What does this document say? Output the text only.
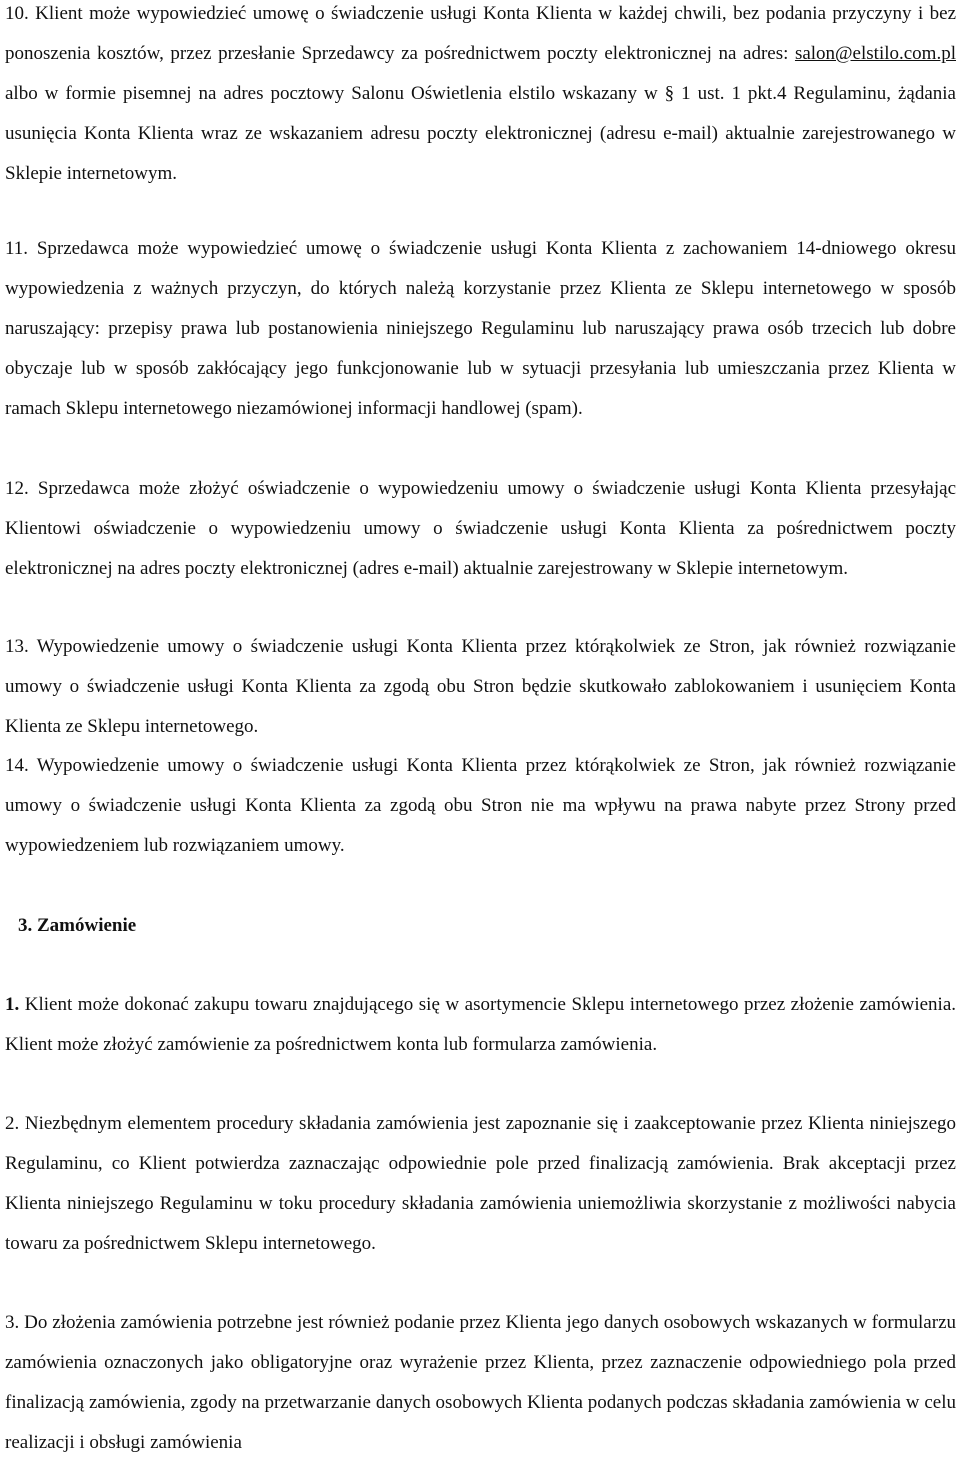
10. Klient może wypowiedzieć umowę o świadczenie usługi Konta Klienta w każdej chwili, bez podania przyczyny i bez ponoszenia kosztów, przez przesłanie Sprzedawcy za pośrednictwem poczty elektronicznej na adres: salon@elstilo.com.pl albo w formie pisemnej na adres pocztowy Salonu Oświetlenia elstilo wskazany w § 1 ust. 1 pkt.4 Regulaminu, żądania usunięcia Konta Klienta wraz ze wskazaniem adresu poczty elektronicznej (adresu e-mail) aktualnie zarejestrowanego w Sklepie internetowym.

11. Sprzedawca może wypowiedzieć umowę o świadczenie usługi Konta Klienta z zachowaniem 14-dniowego okresu wypowiedzenia z ważnych przyczyn, do których należą korzystanie przez Klienta ze Sklepu internetowego w sposób naruszający: przepisy prawa lub postanowienia niniejszego Regulaminu lub naruszający prawa osób trzecich lub dobre obyczaje lub w sposób zakłócający jego funkcjonowanie lub w sytuacji przesyłania lub umieszczania przez Klienta w ramach Sklepu internetowego niezamówionej informacji handlowej (spam).

12. Sprzedawca może złożyć oświadczenie o wypowiedzeniu umowy o świadczenie usługi Konta Klienta przesyłając Klientowi oświadczenie o wypowiedzeniu umowy o świadczenie usługi Konta Klienta za pośrednictwem poczty elektronicznej na adres poczty elektronicznej (adres e-mail) aktualnie zarejestrowany w Sklepie internetowym.

13. Wypowiedzenie umowy o świadczenie usługi Konta Klienta przez którąkolwiek ze Stron, jak również rozwiązanie umowy o świadczenie usługi Konta Klienta za zgodą obu Stron będzie skutkowało zablokowaniem i usunięciem Konta Klienta ze Sklepu internetowego.

14. Wypowiedzenie umowy o świadczenie usługi Konta Klienta przez którąkolwiek ze Stron, jak również rozwiązanie umowy o świadczenie usługi Konta Klienta za zgodą obu Stron nie ma wpływu na prawa nabyte przez Strony przed wypowiedzeniem lub rozwiązaniem umowy.

3. Zamówienie

1. Klient może dokonać zakupu towaru znajdującego się w asortymencie Sklepu internetowego przez złożenie zamówienia. Klient może złożyć zamówienie za pośrednictwem konta lub formularza zamówienia.

2. Niezbędnym elementem procedury składania zamówienia jest zapoznanie się i zaakceptowanie przez Klienta niniejszego Regulaminu, co Klient potwierdza zaznaczając odpowiednie pole przed finalizacją zamówienia. Brak akceptacji przez Klienta niniejszego Regulaminu w toku procedury składania zamówienia uniemożliwia skorzystanie z możliwości nabycia towaru za pośrednictwem Sklepu internetowego.

3. Do złożenia zamówienia potrzebne jest również podanie przez Klienta jego danych osobowych wskazanych w formularzu zamówienia oznaczonych jako obligatoryjne oraz wyrażenie przez Klienta, przez zaznaczenie odpowiedniego pola przed finalizacją zamówienia, zgody na przetwarzanie danych osobowych Klienta podanych podczas składania zamówienia w celu realizacji i obsługi zamówienia
